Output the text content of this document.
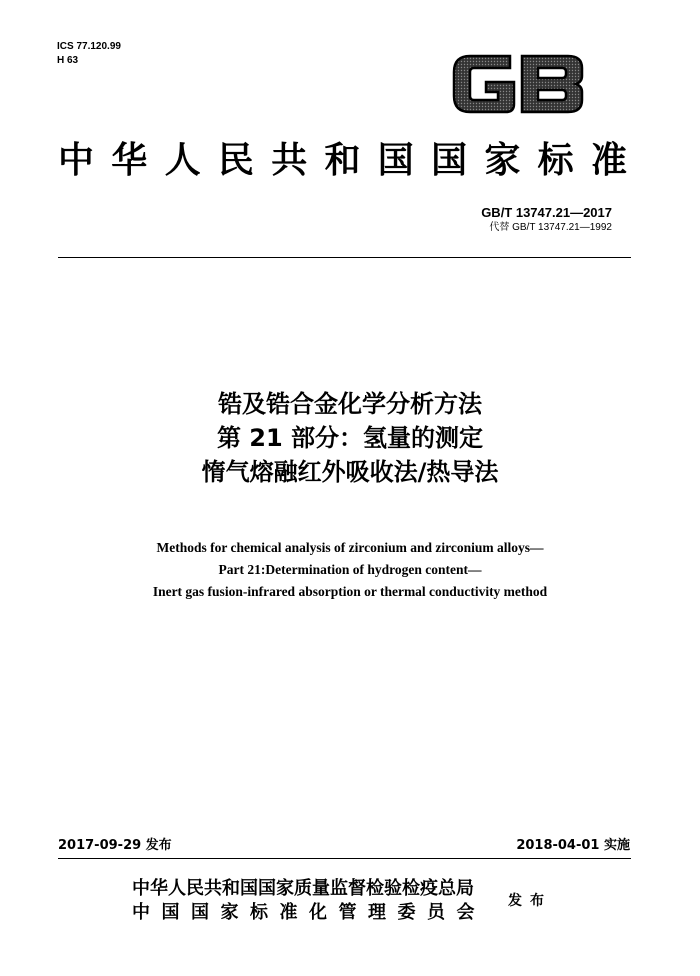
ICS 77.120.99
H 63
中华人民共和国国家标准
GB/T 13747.21—2017
代替 GB/T 13747.21—1992
锆及锆合金化学分析方法
第 21 部分：氢量的测定
惰气熔融红外吸收法/热导法
Methods for chemical analysis of zirconium and zirconium alloys—
Part 21:Determination of hydrogen content—
Inert gas fusion-infrared absorption or thermal conductivity method
2017-09-29 发布	2018-04-01 实施
中华人民共和国国家质量监督检验检疫总局
中国国家标准化管理委员会
发布
